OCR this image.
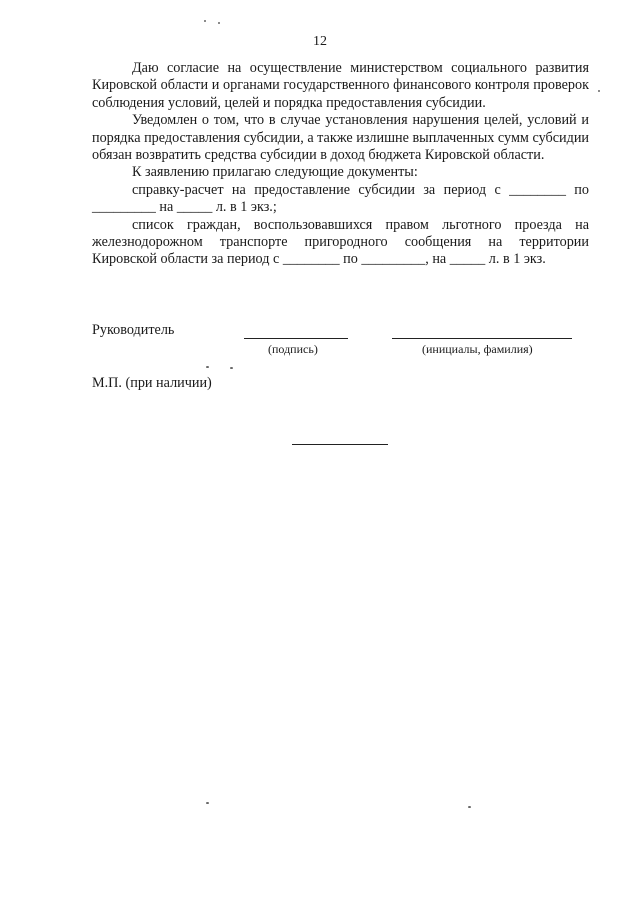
12

Даю согласие на осуществление министерством социального развития Кировской области и органами государственного финансового контроля проверок соблюдения условий, целей и порядка предоставления субсидии.

Уведомлен о том, что в случае установления нарушения целей, условий и порядка предоставления субсидии, а также излишне выплаченных сумм субсидии обязан возвратить средства субсидии в доход бюджета Кировской области.

К заявлению прилагаю следующие документы:

справку-расчет на предоставление субсидии за период с ________ по _________ на _____ л. в 1 экз.;

список граждан, воспользовавшихся правом льготного проезда на железнодорожном транспорте пригородного сообщения на территории Кировской области за период с ________ по _________, на _____ л. в 1 экз.

Руководитель
(подпись)	(инициалы, фамилия)
М.П. (при наличии)
